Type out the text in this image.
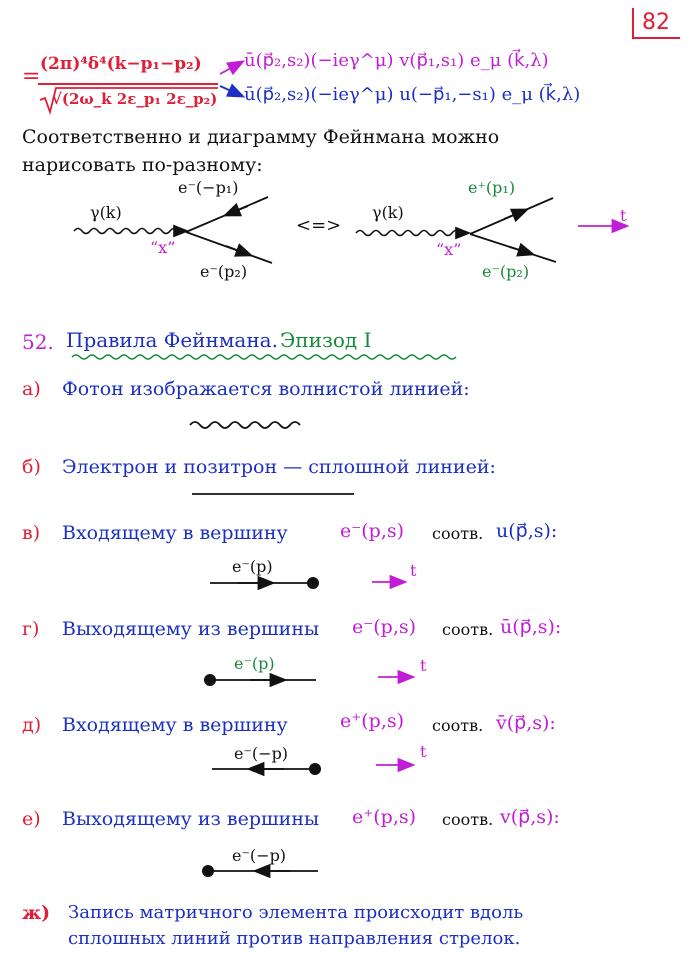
82
= (2π)⁴δ⁴(k−p₁−p₂)
√(2ω_k 2ε_p₁ 2ε_p₂)
ū(p⃗₂,s₂)(−ieγ^μ) v(p⃗₁,s₁) e_μ (k⃗,λ)
ū(p⃗₂,s₂)(−ieγ^μ) u(−p⃗₁,−s₁) e_μ (k⃗,λ)
Соответственно и диаграмму Фейнмана можно
нарисовать по-разному:
γ(k)
e⁻(−p₁)
“x”
e⁻(p₂)
<=>
γ(k)
e⁺(p₁)
“x”
e⁻(p₂)
t
52. Правила Фейнмана. Эпизод I
а) Фотон изображается волнистой линией:
б) Электрон и позитрон — сплошной линией:
в) Входящему в вершину	e⁻(p,s) соотв. u(p⃗,s):
e⁻(p)	t
г) Выходящему из вершины e⁻(p,s) соотв. ū(p⃗,s):
e⁻(p)	t
д) Входящему в вершину	e⁺(p,s) соотв. v̄(p⃗,s):
e⁻(−p)	t
е) Выходящему из вершины e⁺(p,s) соотв. v(p⃗,s):
e⁻(−p)
ж) Запись матричного элемента происходит вдоль
сплошных линий против направления стрелок.
